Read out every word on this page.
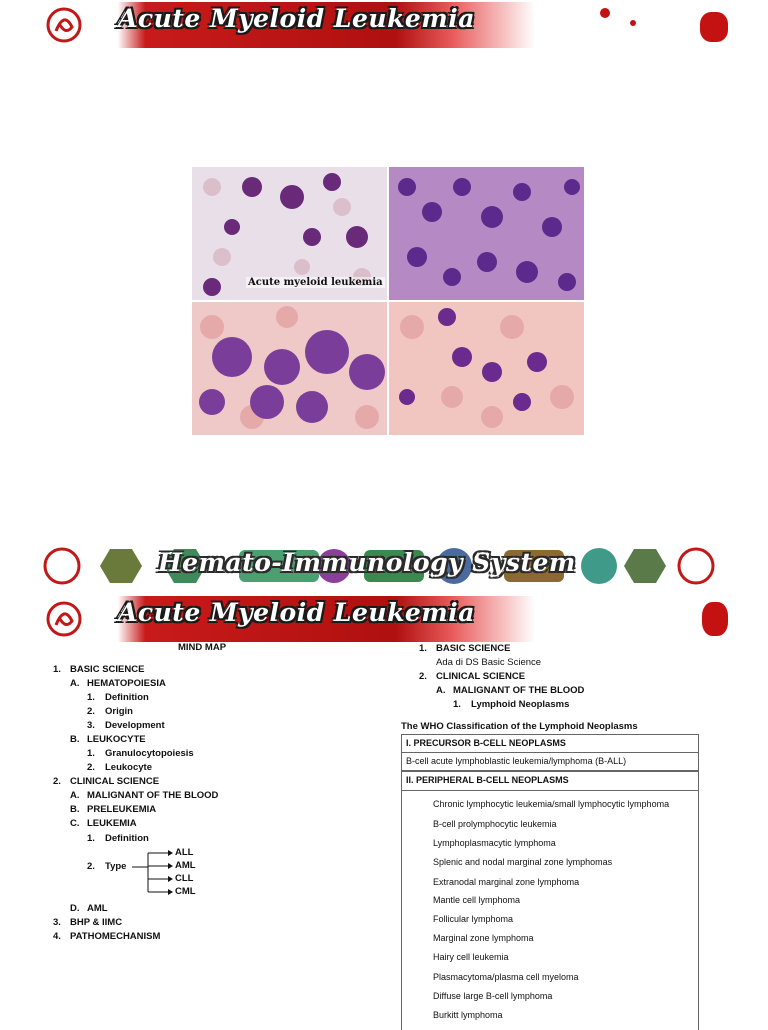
Acute Myeloid Leukemia
Acute myeloid leukemia
Hemato-Immunology System
Acute Myeloid Leukemia
MIND MAP
1. BASIC SCIENCE
A. HEMATOPOIESIA
1. Definition
2. Origin
3. Development
B. LEUKOCYTE
1. Granulocytopoiesis
2. Leukocyte
2. CLINICAL SCIENCE
A. MALIGNANT OF THE BLOOD
B. PRELEUKEMIA
C. LEUKEMIA
1. Definition
2. Type
ALL
AML
CLL
CML
D. AML
3. BHP & IIMC
4. PATHOMECHANISM
1. BASIC SCIENCE
Ada di DS Basic Science
2. CLINICAL SCIENCE
A. MALIGNANT OF THE BLOOD
1. Lymphoid Neoplasms
The WHO Classification of the Lymphoid Neoplasms
I. PRECURSOR B-CELL NEOPLASMS
B-cell acute lymphoblastic leukemia/lymphoma (B-ALL)
II. PERIPHERAL B-CELL NEOPLASMS
Chronic lymphocytic leukemia/small lymphocytic lymphoma
B-cell prolymphocytic leukemia
Lymphoplasmacytic lymphoma
Splenic and nodal marginal zone lymphomas
Extranodal marginal zone lymphoma
Mantle cell lymphoma
Follicular lymphoma
Marginal zone lymphoma
Hairy cell leukemia
Plasmacytoma/plasma cell myeloma
Diffuse large B-cell lymphoma
Burkitt lymphoma
